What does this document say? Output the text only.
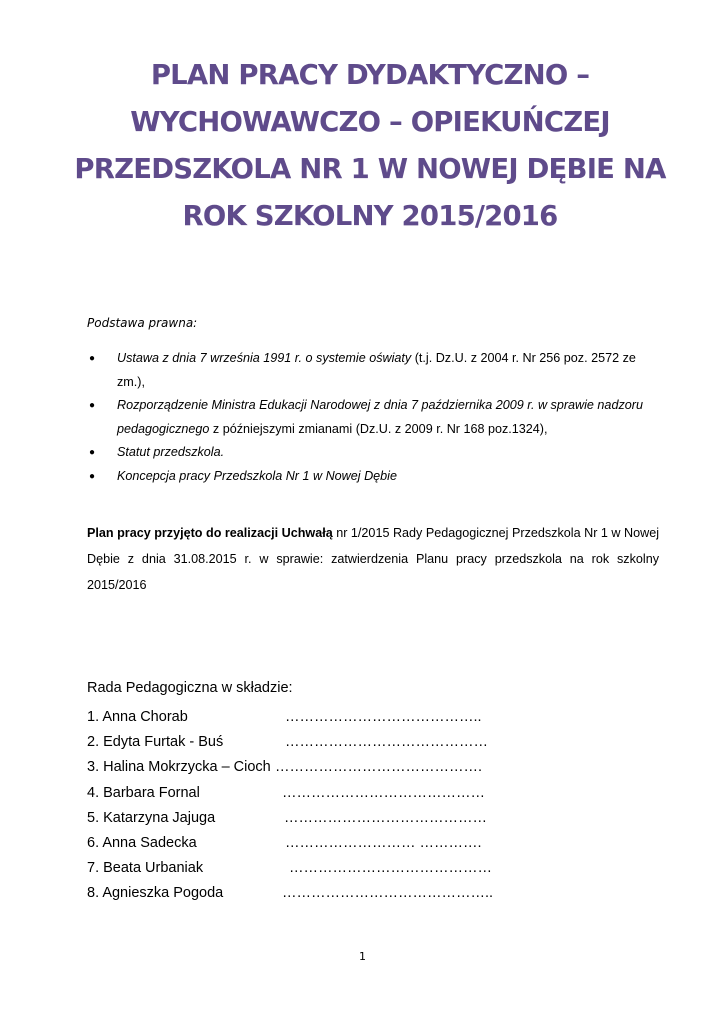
PLAN PRACY DYDAKTYCZNO –
WYCHOWAWCZO – OPIEKUŃCZEJ
PRZEDSZKOLA NR 1 W NOWEJ DĘBIE NA
ROK SZKOLNY 2015/2016
Podstawa prawna:
● Ustawa z dnia 7 września 1991 r. o systemie oświaty (t.j. Dz.U. z 2004 r. Nr 256 poz. 2572 ze zm.),
● Rozporządzenie Ministra Edukacji Narodowej z dnia 7 października 2009 r. w sprawie nadzoru pedagogicznego z późniejszymi zmianami (Dz.U. z 2009 r. Nr 168 poz.1324),
● Statut przedszkola.
● Koncepcja pracy Przedszkola Nr 1 w Nowej Dębie

Plan pracy przyjęto do realizacji Uchwałą nr 1/2015 Rady Pedagogicznej Przedszkola Nr 1 w Nowej Dębie z dnia 31.08.2015 r. w sprawie: zatwierdzenia Planu pracy przedszkola na rok szkolny 2015/2016

Rada Pedagogiczna w składzie:
1. Anna Chorab	…………………………………..
2. Edyta Furtak - Buś	……………………………………
3. Halina Mokrzycka – Cioch …………………………………….
4. Barbara Fornal	……………………………………
5. Katarzyna Jajuga	……………………………………
6. Anna Sadecka	……………………… ………….
7. Beata Urbaniak	……………………………………
8. Agnieszka Pogoda	……………………………………..
1
